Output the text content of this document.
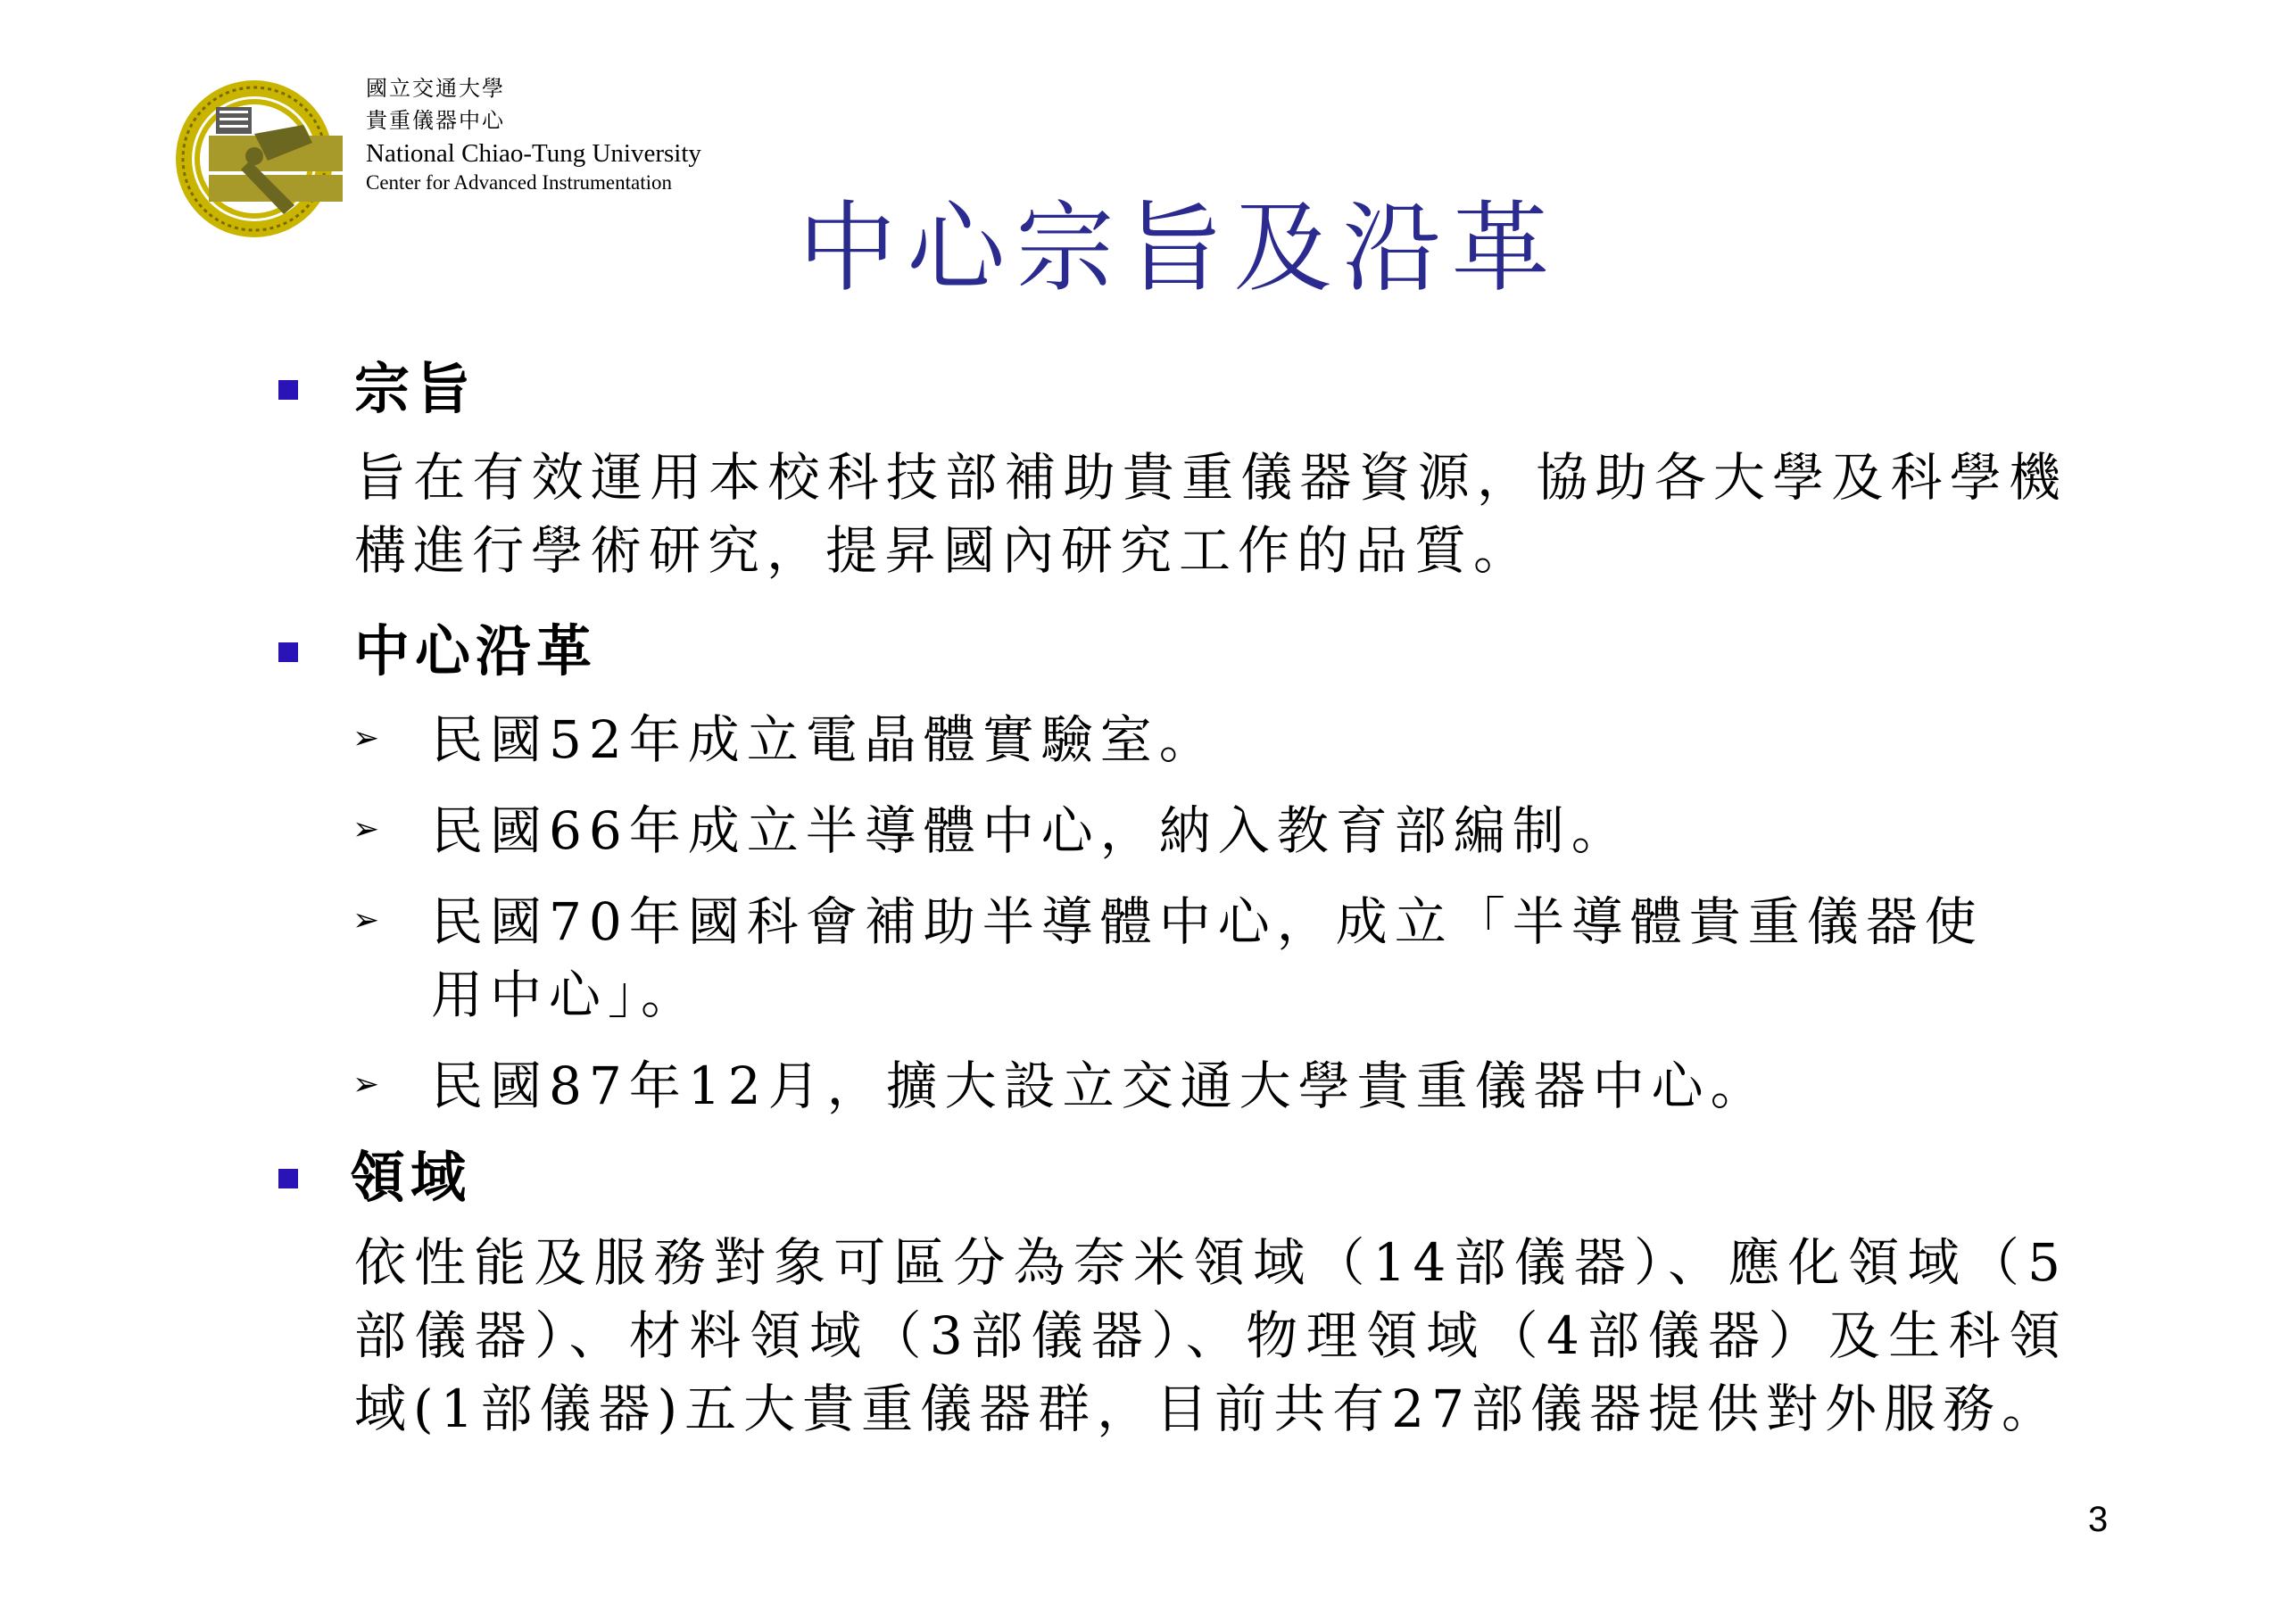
國立交通大學
貴重儀器中心
National Chiao-Tung University
Center for Advanced Instrumentation
中心宗旨及沿革
宗旨
旨在有效運用本校科技部補助貴重儀器資源，協助各大學及科學機構進行學術研究，提昇國內研究工作的品質。
中心沿革
➢ 民國52年成立電晶體實驗室。
➢ 民國66年成立半導體中心，納入教育部編制。
➢ 民國70年國科會補助半導體中心，成立「半導體貴重儀器使用中心」。
➢ 民國87年12月，擴大設立交通大學貴重儀器中心。
領域
依性能及服務對象可區分為奈米領域（14部儀器）、應化領域（5部儀器）、材料領域（3部儀器）、物理領域（4部儀器）及生科領域(1部儀器)五大貴重儀器群，目前共有27部儀器提供對外服務。
3
